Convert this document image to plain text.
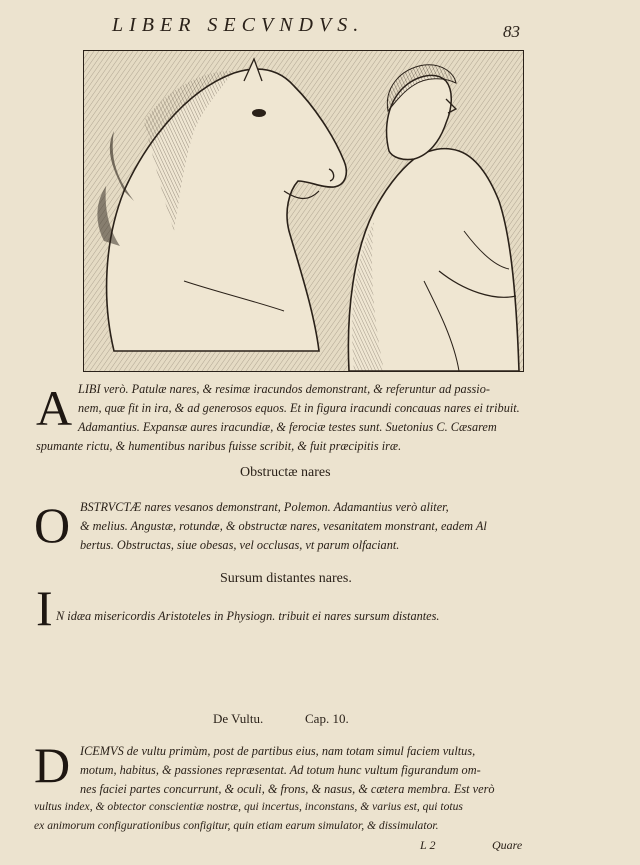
LIBER SECVNDVS.	83
A LIBI verò. Patulæ nares, & resimæ iracundos demonstrant, & referuntur ad passio-
nem, quæ fit in ira, & ad generosos equos. Et in figura iracundi concauas nares ei tribuit.
Adamantius. Expansæ aures iracundiæ, & ferociæ testes sunt. Suetonius C. Cæsarem
spumante rictu, & humentibus naribus fuisse scribit, & fuit præcipitis iræ.
Obstructæ nares
O BSTRVCTÆ nares vesanos demonstrant, Polemon. Adamantius verò aliter,
& melius. Angustæ, rotundæ, & obstructæ nares, vesanitatem monstrant, eadem Al
bertus. Obstructas, siue obesas, vel occlusas, vt parum olfaciant.
Sursum distantes nares.
I N idæa misericordis Aristoteles in Physiogn. tribuit ei nares sursum distantes.
De Vultu.	Cap. 10.
D ICEMVS de vultu primùm, post de partibus eius, nam totam simul faciem vultus,
motum, habitus, & passiones repræsentat. Ad totum hunc vultum figurandum om-
nes faciei partes concurrunt, & oculi, & frons, & nasus, & cætera membra. Est verò
vultus index, & obtector conscientiæ nostræ, qui incertus, inconstans, & varius est, qui totus
ex animorum configurationibus configitur, quin etiam earum simulator, & dissimulator.
L 2	Quare
